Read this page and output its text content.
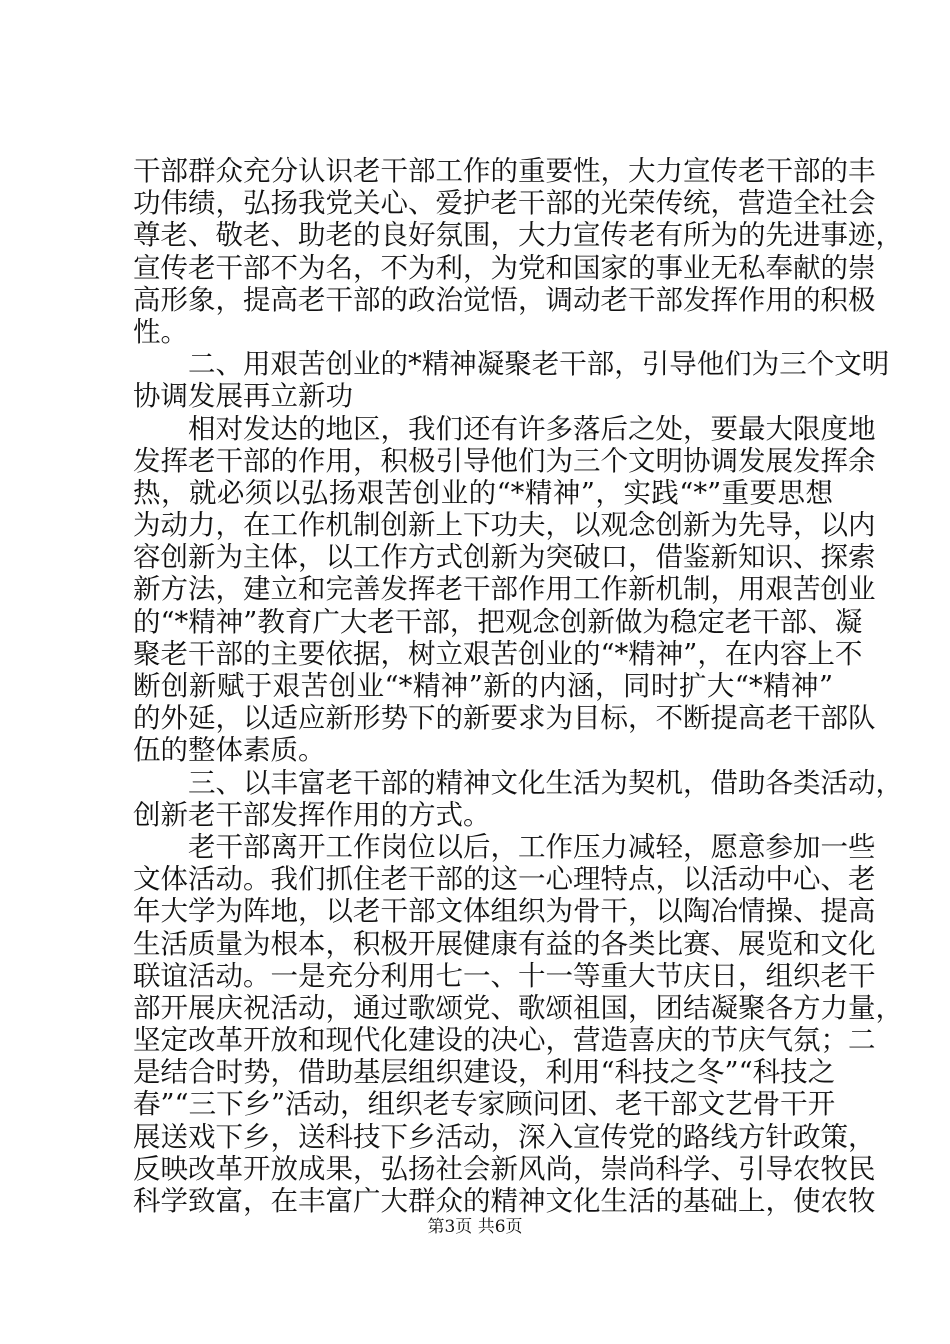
干部群众充分认识老干部工作的重要性，大力宣传老干部的丰
功伟绩，弘扬我党关心、爱护老干部的光荣传统，营造全社会
尊老、敬老、助老的良好氛围，大力宣传老有所为的先进事迹，
宣传老干部不为名，不为利，为党和国家的事业无私奉献的崇
高形象，提高老干部的政治觉悟，调动老干部发挥作用的积极
性。
二、用艰苦创业的*精神凝聚老干部，引导他们为三个文明
协调发展再立新功
相对发达的地区，我们还有许多落后之处，要最大限度地
发挥老干部的作用，积极引导他们为三个文明协调发展发挥余
热，就必须以弘扬艰苦创业的“*精神”，实践“*”重要思想
为动力，在工作机制创新上下功夫，以观念创新为先导，以内
容创新为主体，以工作方式创新为突破口，借鉴新知识、探索
新方法，建立和完善发挥老干部作用工作新机制，用艰苦创业
的“*精神”教育广大老干部，把观念创新做为稳定老干部、凝
聚老干部的主要依据，树立艰苦创业的“*精神”，在内容上不
断创新赋于艰苦创业“*精神”新的内涵，同时扩大“*精神”
的外延，以适应新形势下的新要求为目标，不断提高老干部队
伍的整体素质。
三、以丰富老干部的精神文化生活为契机，借助各类活动，
创新老干部发挥作用的方式。
老干部离开工作岗位以后，工作压力减轻，愿意参加一些
文体活动。我们抓住老干部的这一心理特点，以活动中心、老
年大学为阵地，以老干部文体组织为骨干，以陶冶情操、提高
生活质量为根本，积极开展健康有益的各类比赛、展览和文化
联谊活动。一是充分利用七一、十一等重大节庆日，组织老干
部开展庆祝活动，通过歌颂党、歌颂祖国，团结凝聚各方力量，
坚定改革开放和现代化建设的决心，营造喜庆的节庆气氛；二
是结合时势，借助基层组织建设，利用“科技之冬”“科技之
春”“三下乡”活动，组织老专家顾问团、老干部文艺骨干开
展送戏下乡，送科技下乡活动，深入宣传党的路线方针政策，
反映改革开放成果，弘扬社会新风尚，崇尚科学、引导农牧民
科学致富，在丰富广大群众的精神文化生活的基础上，使农牧
第3页 共6页
